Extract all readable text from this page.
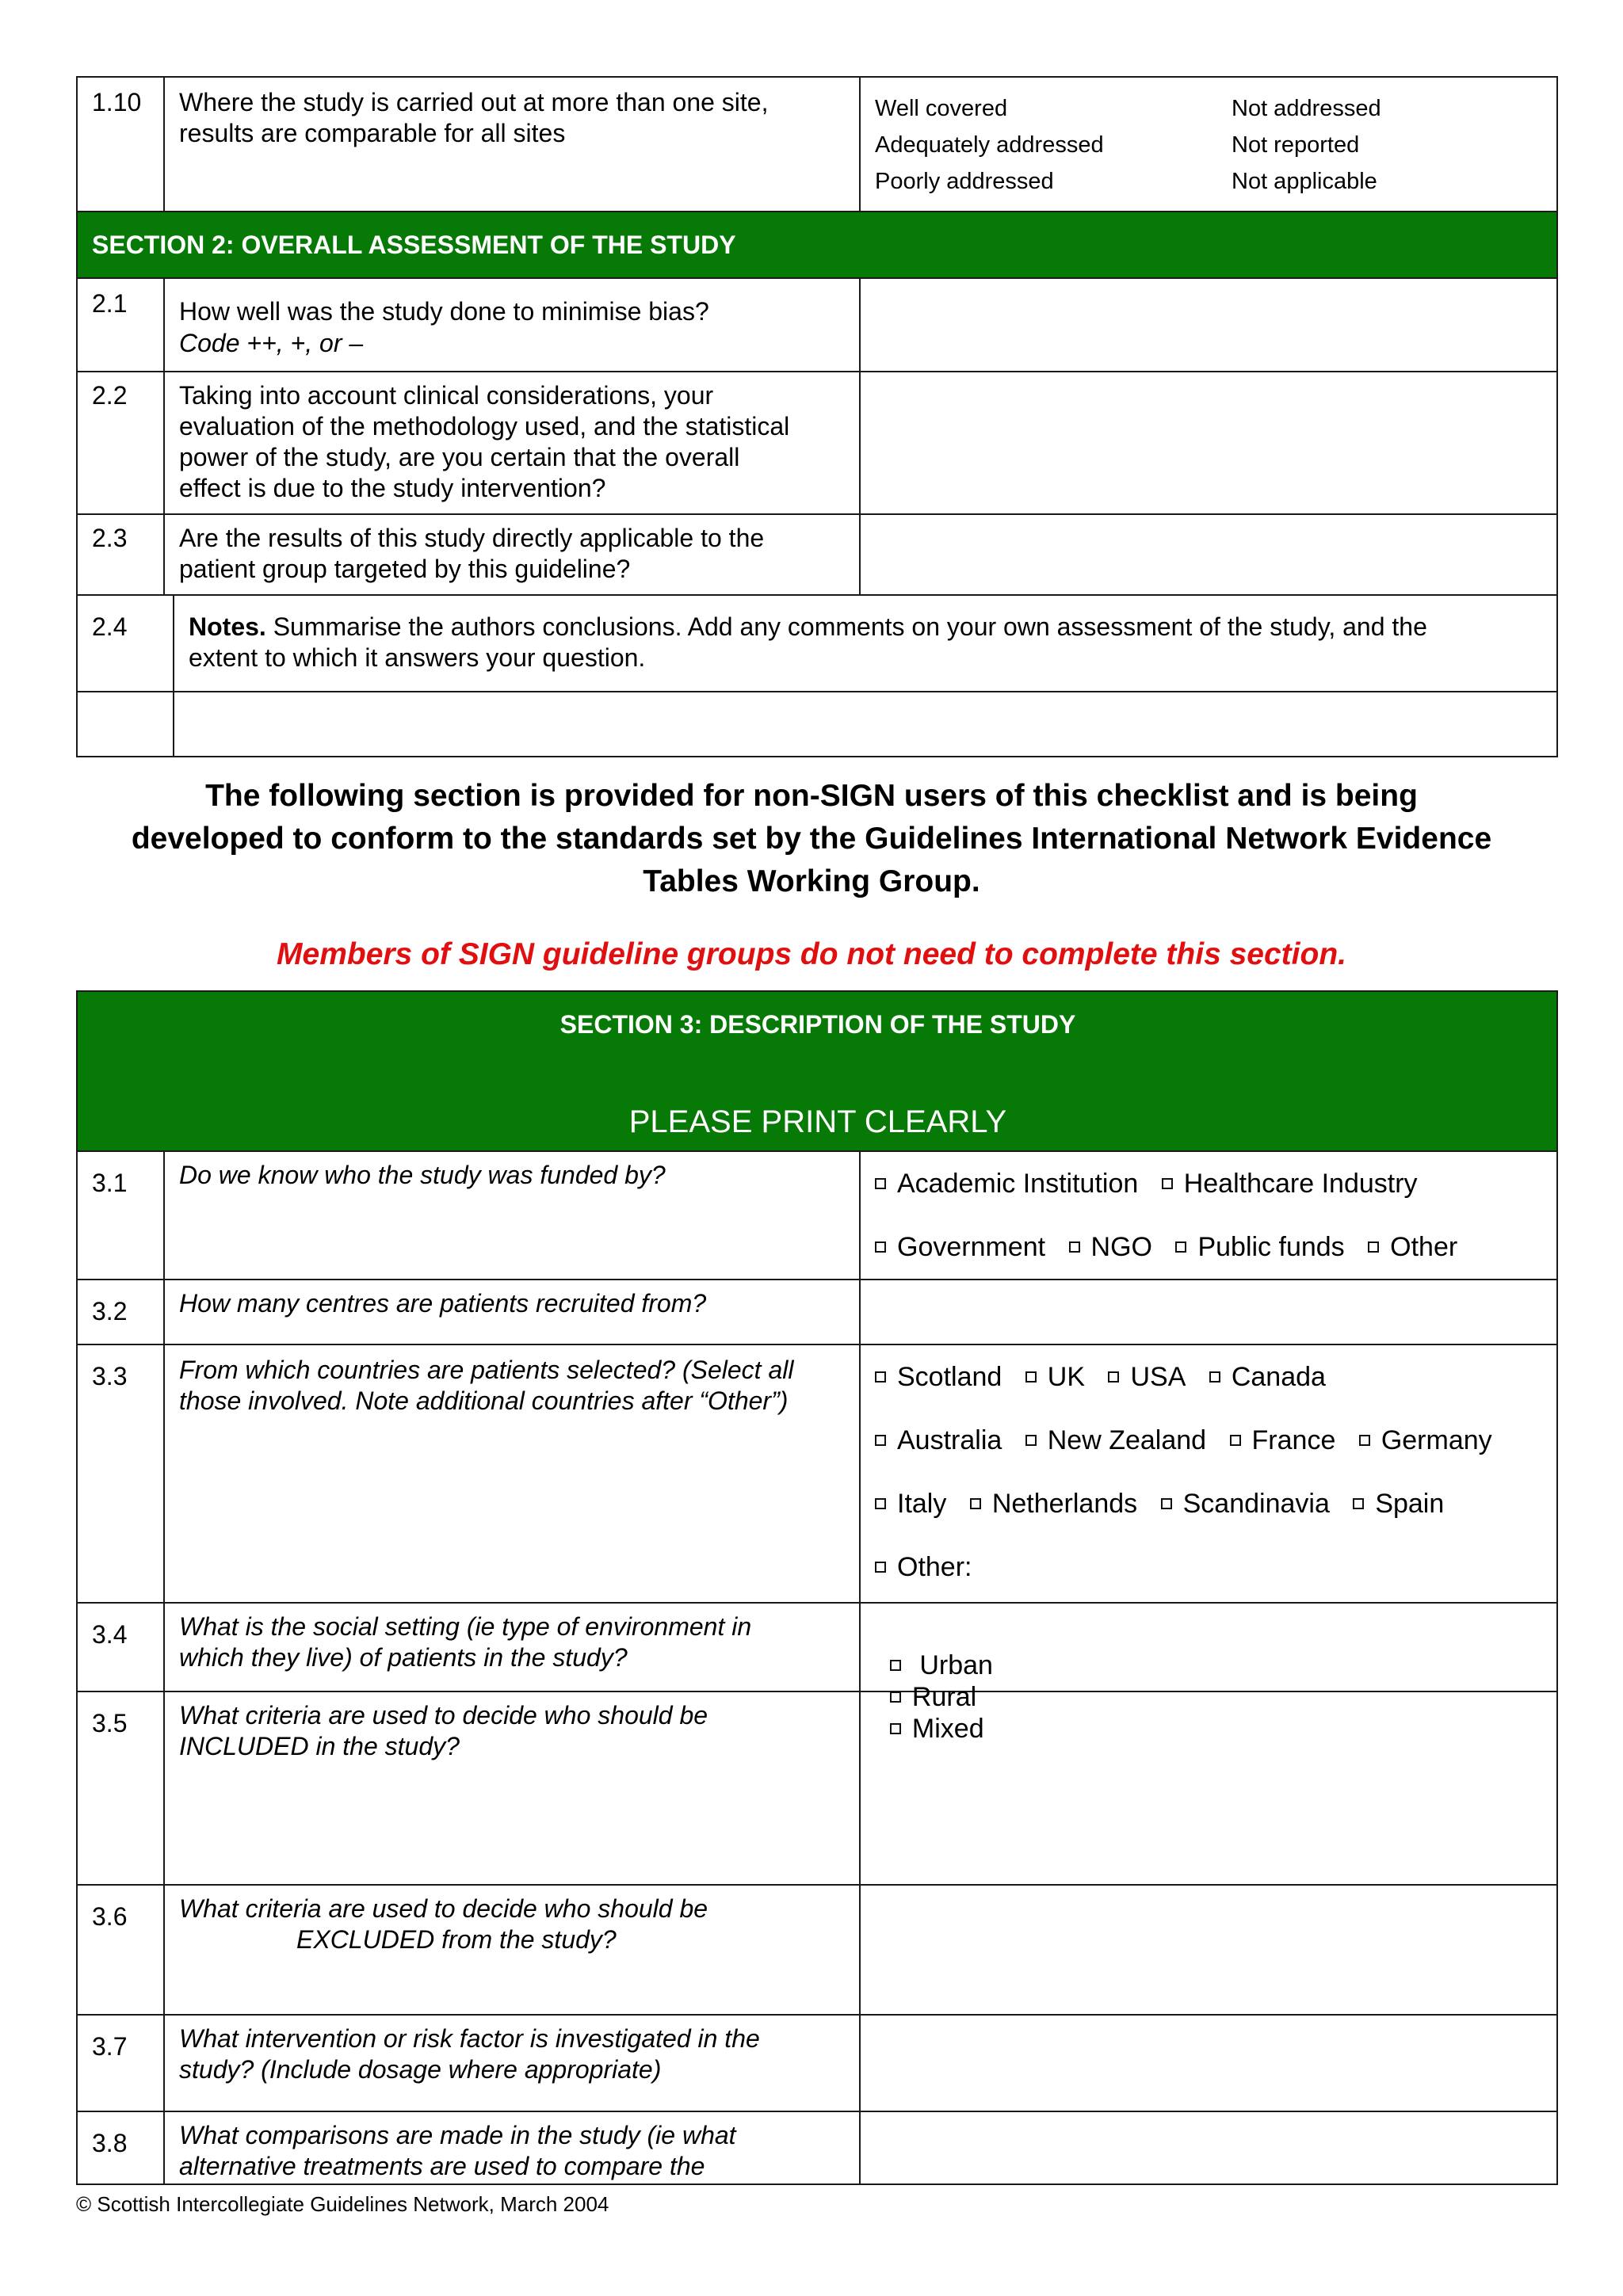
SECTION 2: OVERALL ASSESSMENT OF THE STUDY
1.10 Where the study is carried out at more than one site,
results are comparable for all sites
Well covered
Adequately addressed
Poorly addressed
Not addressed
Not reported
Not applicable
2.1 How well was the study done to minimise bias?
Code ++, +, or –
2.2 Taking into account clinical considerations, your
evaluation of the methodology used, and the statistical
power of the study, are you certain that the overall
effect is due to the study intervention?
2.3 Are the results of this study directly applicable to the
patient group targeted by this guideline?
2.4 Notes. Summarise the authors conclusions. Add any comments on your own assessment of the study, and the
extent to which it answers your question.
The following section is provided for non-SIGN users of this checklist and is being
developed to conform to the standards set by the Guidelines International Network Evidence
Tables Working Group.
Members of SIGN guideline groups do not need to complete this section.
SECTION 3: DESCRIPTION OF THE STUDY
PLEASE PRINT CLEARLY
3.1 Do we know who the study was funded by?	Academic Institution Healthcare Industry
Government NGO Public funds Other
3.2 How many centres are patients recruited from?
3.3 From which countries are patients selected? (Select all
those involved. Note additional countries after “Other”)
Scotland UK USA Canada
Australia New Zealand France Germany
Italy Netherlands Scandinavia Spain
Other:
3.4 What is the social setting (ie type of environment in
which they live) of patients in the study?	Urban
Rural
Mixed

3.5 What criteria are used to decide who should be
INCLUDED in the study?
3.6 What criteria are used to decide who should be
EXCLUDED from the study?
3.7 What intervention or risk factor is investigated in the
study? (Include dosage where appropriate)
3.8 What comparisons are made in the study (ie what
alternative treatments are used to compare the
© Scottish Intercollegiate Guidelines Network, March 2004
